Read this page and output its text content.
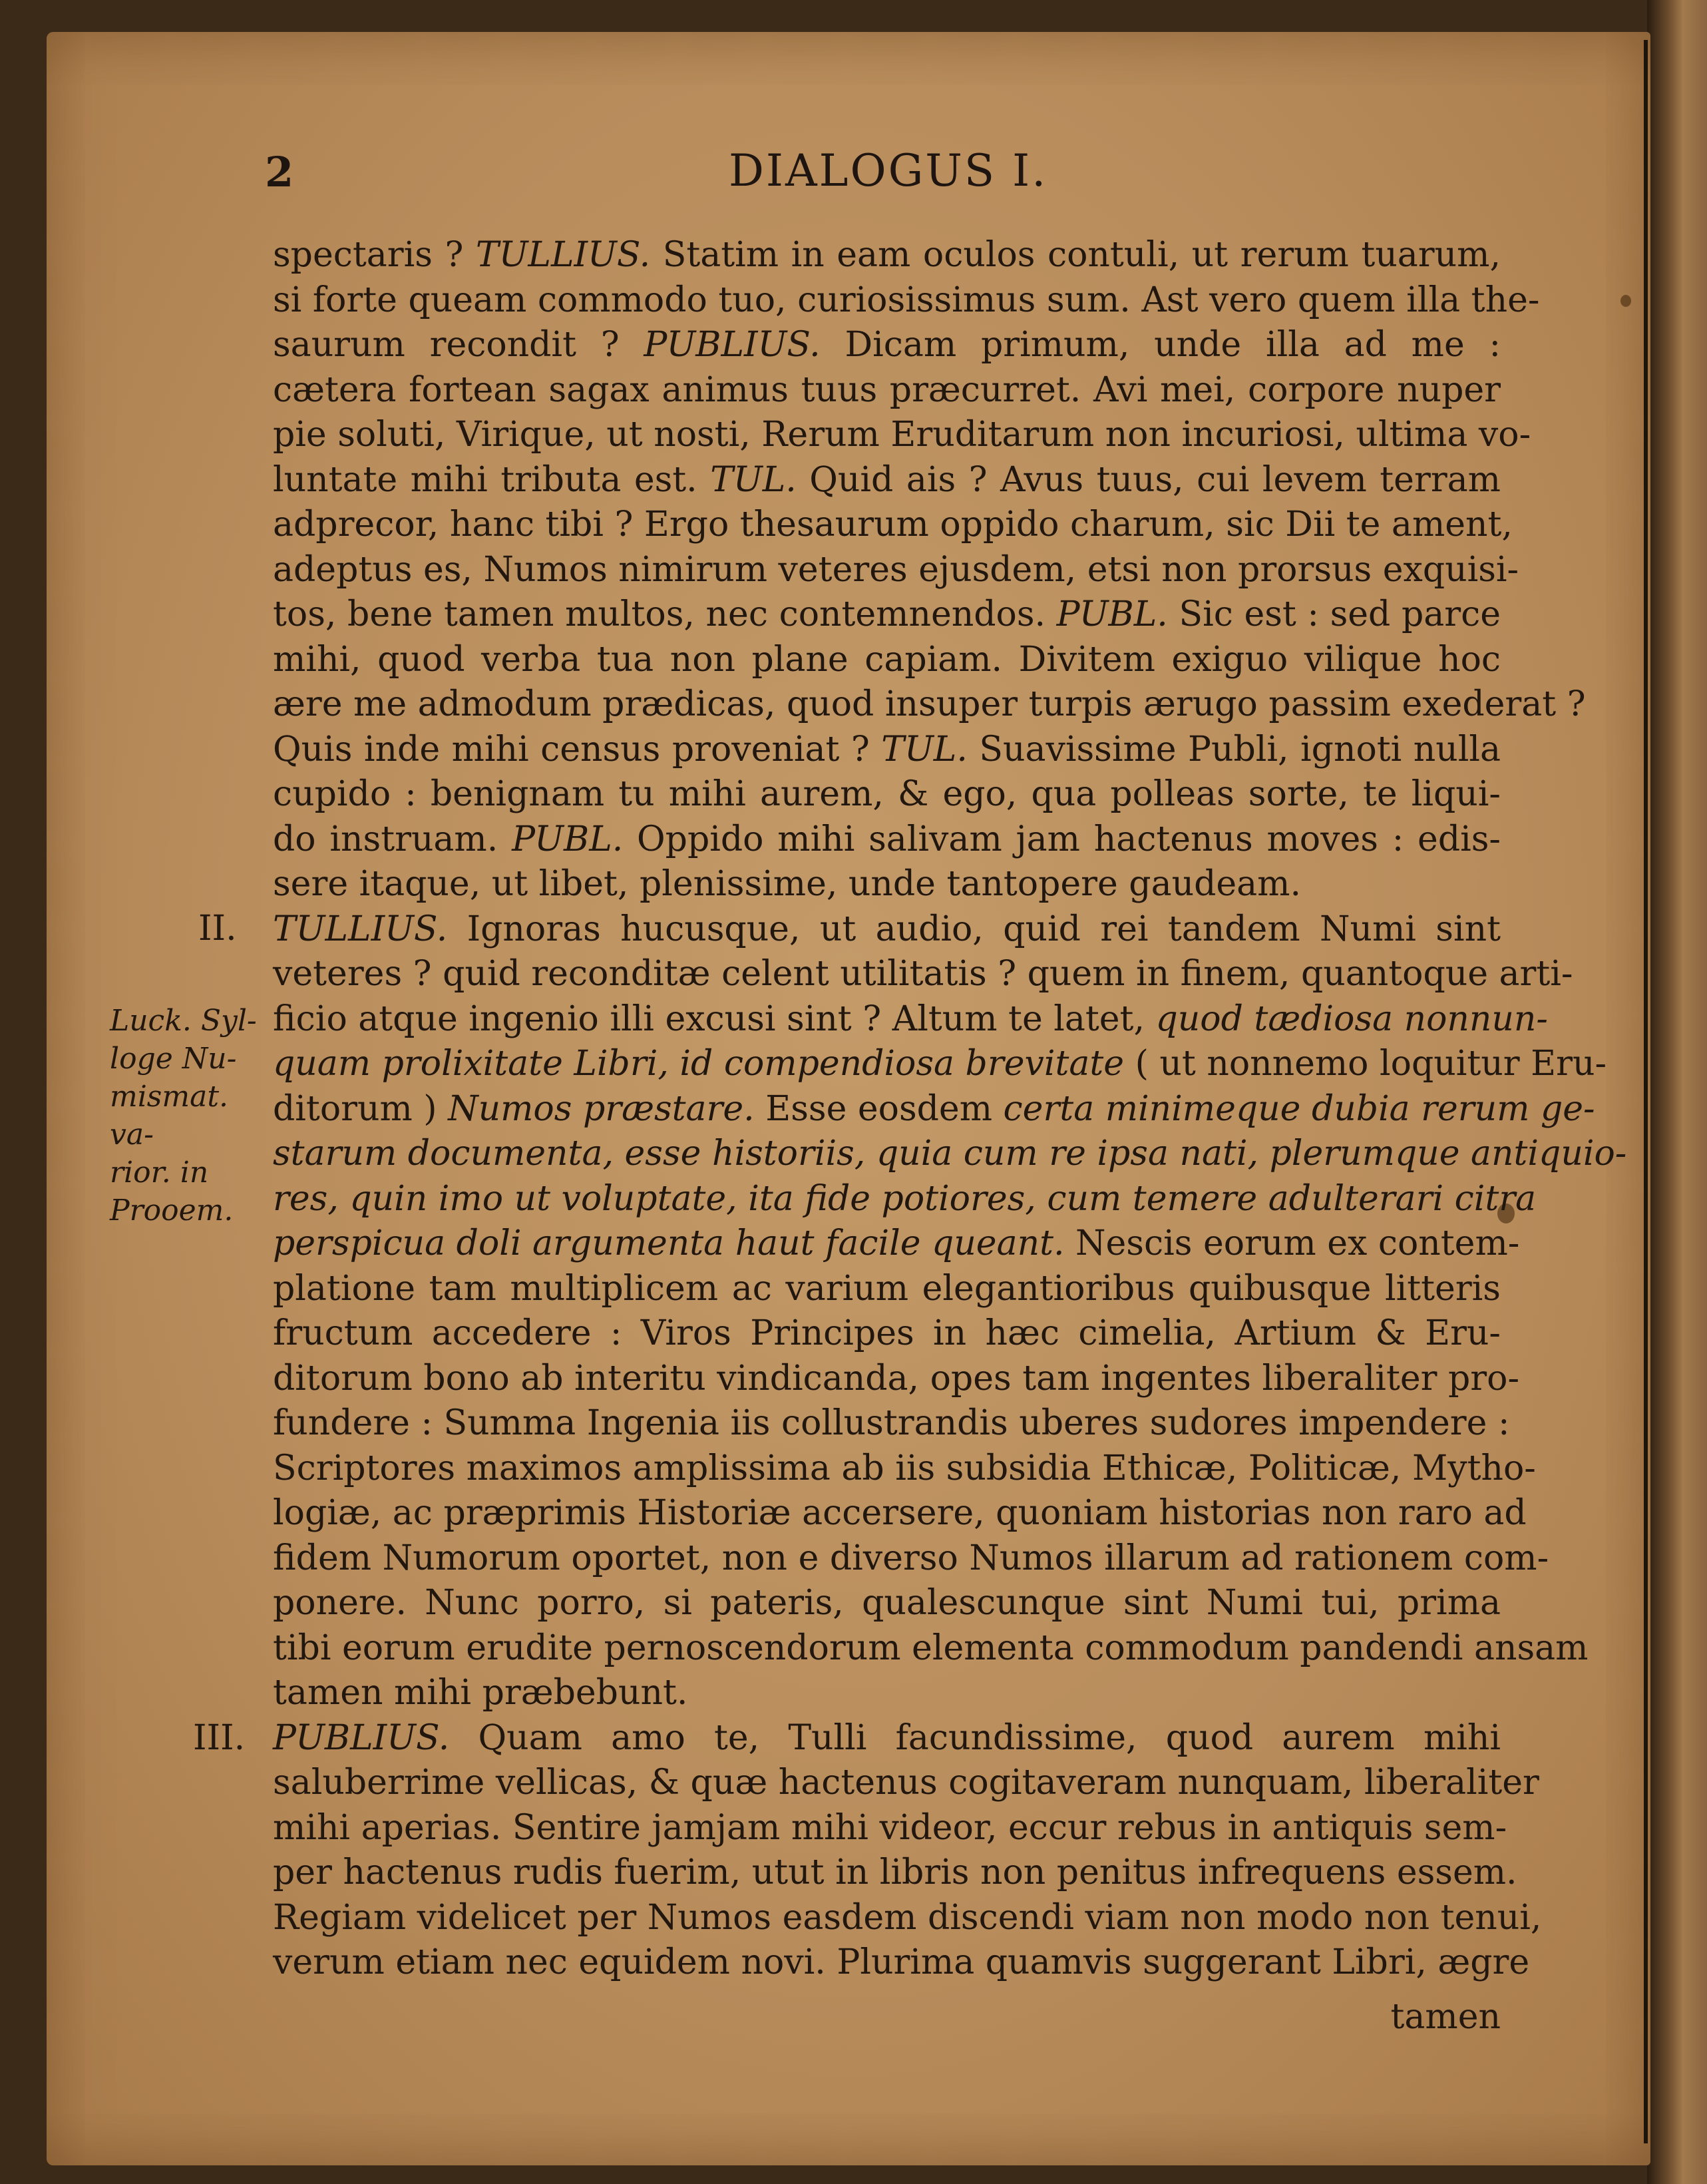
2	DIALOGUS I.
II.
III.
Luck. Syl-
loge Nu-
mismat. va-
rior. in
Prooem.
spectaris ? TULLIUS. Statim in eam oculos contuli, ut rerum tuarum,
si forte queam commodo tuo, curiosissimus sum. Ast vero quem illa the-
saurum recondit ? PUBLIUS. Dicam primum, unde illa ad me :
cætera fortean sagax animus tuus præcurret. Avi mei, corpore nuper
pie soluti, Virique, ut nosti, Rerum Eruditarum non incuriosi, ultima vo-
luntate mihi tributa est. TUL. Quid ais ? Avus tuus, cui levem terram
adprecor, hanc tibi ? Ergo thesaurum oppido charum, sic Dii te ament,
adeptus es, Numos nimirum veteres ejusdem, etsi non prorsus exquisi-
tos, bene tamen multos, nec contemnendos. PUBL. Sic est : sed parce
mihi, quod verba tua non plane capiam. Divitem exiguo vilique hoc
ære me admodum prædicas, quod insuper turpis ærugo passim exederat ?
Quis inde mihi census proveniat ? TUL. Suavissime Publi, ignoti nulla
cupido : benignam tu mihi aurem, & ego, qua polleas sorte, te liqui-
do instruam. PUBL. Oppido mihi salivam jam hactenus moves : edis-
sere itaque, ut libet, plenissime, unde tantopere gaudeam.
TULLIUS. Ignoras hucusque, ut audio, quid rei tandem Numi sint
veteres ? quid reconditæ celent utilitatis ? quem in finem, quantoque arti-
ficio atque ingenio illi excusi sint ? Altum te latet, quod tædiosa nonnun-
quam prolixitate Libri, id compendiosa brevitate ( ut nonnemo loquitur Eru-
ditorum ) Numos præstare. Esse eosdem certa minimeque dubia rerum ge-
starum documenta, esse historiis, quia cum re ipsa nati, plerumque antiquio-
res, quin imo ut voluptate, ita fide potiores, cum temere adulterari citra
perspicua doli argumenta haut facile queant. Nescis eorum ex contem-
platione tam multiplicem ac varium elegantioribus quibusque litteris
fructum accedere : Viros Principes in hæc cimelia, Artium & Eru-
ditorum bono ab interitu vindicanda, opes tam ingentes liberaliter pro-
fundere : Summa Ingenia iis collustrandis uberes sudores impendere :
Scriptores maximos amplissima ab iis subsidia Ethicæ, Politicæ, Mytho-
logiæ, ac præprimis Historiæ accersere, quoniam historias non raro ad
fidem Numorum oportet, non e diverso Numos illarum ad rationem com-
ponere. Nunc porro, si pateris, qualescunque sint Numi tui, prima
tibi eorum erudite pernoscendorum elementa commodum pandendi ansam
tamen mihi præbebunt.
PUBLIUS. Quam amo te, Tulli facundissime, quod aurem mihi
saluberrime vellicas, & quæ hactenus cogitaveram nunquam, liberaliter
mihi aperias. Sentire jamjam mihi videor, eccur rebus in antiquis sem-
per hactenus rudis fuerim, utut in libris non penitus infrequens essem.
Regiam videlicet per Numos easdem discendi viam non modo non tenui,
verum etiam nec equidem novi. Plurima quamvis suggerant Libri, ægre
tamen
